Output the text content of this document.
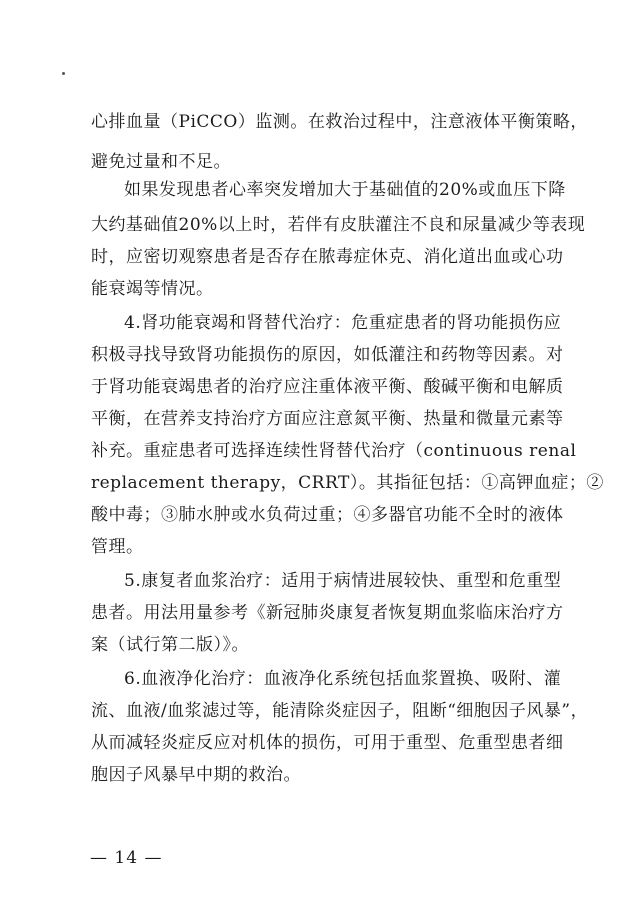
心排血量（PiCCO）监测。在救治过程中，注意液体平衡策略，
避免过量和不足。
如果发现患者心率突发增加大于基础值的20%或血压下降
大约基础值20%以上时，若伴有皮肤灌注不良和尿量减少等表现
时，应密切观察患者是否存在脓毒症休克、消化道出血或心功
能衰竭等情况。
4.肾功能衰竭和肾替代治疗：危重症患者的肾功能损伤应
积极寻找导致肾功能损伤的原因，如低灌注和药物等因素。对
于肾功能衰竭患者的治疗应注重体液平衡、酸碱平衡和电解质
平衡，在营养支持治疗方面应注意氮平衡、热量和微量元素等
补充。重症患者可选择连续性肾替代治疗（continuous renal
replacement therapy，CRRT）。其指征包括：①高钾血症；②
酸中毒；③肺水肿或水负荷过重；④多器官功能不全时的液体
管理。
5.康复者血浆治疗：适用于病情进展较快、重型和危重型
患者。用法用量参考《新冠肺炎康复者恢复期血浆临床治疗方
案（试行第二版）》。
6.血液净化治疗：血液净化系统包括血浆置换、吸附、灌
流、血液/血浆滤过等，能清除炎症因子，阻断“细胞因子风暴”，
从而减轻炎症反应对机体的损伤，可用于重型、危重型患者细
胞因子风暴早中期的救治。
— 14 —
